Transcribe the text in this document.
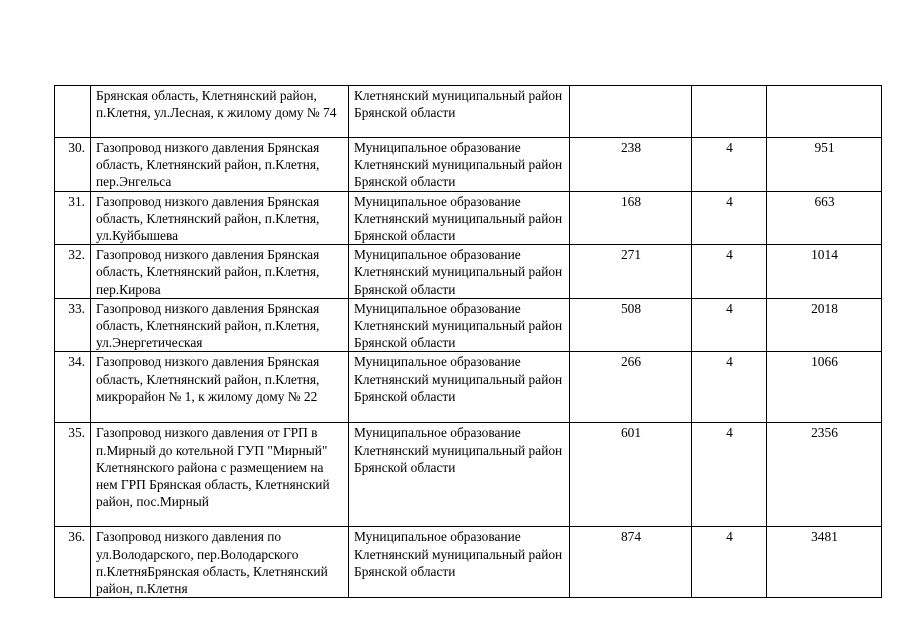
	Брянская область, Клетнянский район, п.Клетня, ул.Лесная, к жилому дому № 74	Клетнянский муниципальный район Брянской области			
30.	Газопровод низкого давления Брянская область, Клетнянский район, п.Клетня, пер.Энгельса	Муниципальное образование Клетнянский муниципальный район Брянской области	238	4	951
31.	Газопровод низкого давления Брянская область, Клетнянский район, п.Клетня, ул.Куйбышева	Муниципальное образование Клетнянский муниципальный район Брянской области	168	4	663
32.	Газопровод низкого давления Брянская область, Клетнянский район, п.Клетня, пер.Кирова	Муниципальное образование Клетнянский муниципальный район Брянской области	271	4	1014
33.	Газопровод низкого давления Брянская область, Клетнянский район, п.Клетня, ул.Энергетическая	Муниципальное образование Клетнянский муниципальный район Брянской области	508	4	2018
34.	Газопровод низкого давления Брянская область, Клетнянский район, п.Клетня, микрорайон № 1, к жилому дому № 22	Муниципальное образование Клетнянский муниципальный район Брянской области	266	4	1066
35.	Газопровод низкого давления от ГРП в п.Мирный до котельной ГУП "Мирный" Клетнянского района с размещением на нем ГРП Брянская область, Клетнянский район, пос.Мирный	Муниципальное образование Клетнянский муниципальный район Брянской области	601	4	2356
36.	Газопровод низкого давления по ул.Володарского, пер.Володарского п.КлетняБрянская область, Клетнянский район, п.Клетня	Муниципальное образование Клетнянский муниципальный район Брянской области	874	4	3481
